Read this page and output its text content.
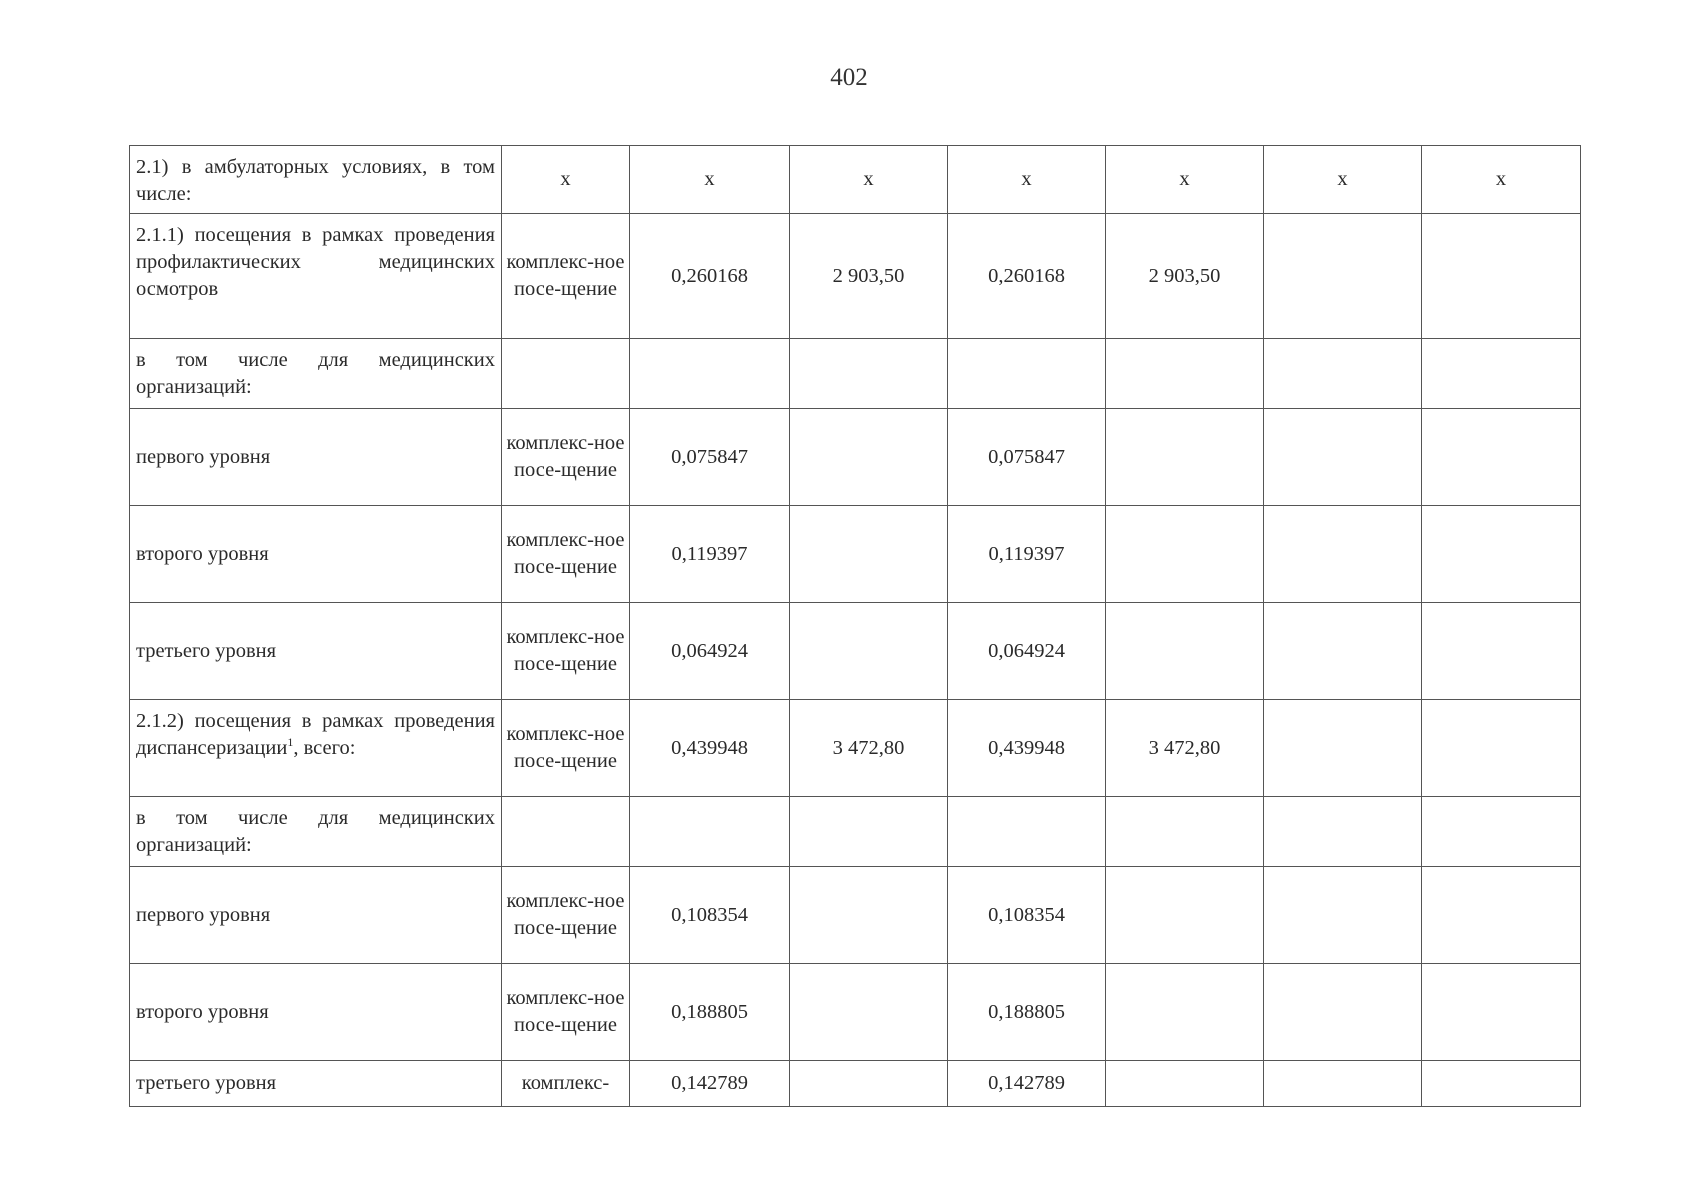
402
2.1) в амбулаторных условиях, в том числе:	х	х	х	х	х	х	х
2.1.1) посещения в рамках проведения профилактических медицинских осмотров	комплекс-ное посе-щение	0,260168	2 903,50	0,260168	2 903,50		
в том числе для медицинских организаций:							
первого уровня	комплекс-ное посе-щение	0,075847		0,075847			
второго уровня	комплекс-ное посе-щение	0,119397		0,119397			
третьего уровня	комплекс-ное посе-щение	0,064924		0,064924			
2.1.2) посещения в рамках проведения диспансеризации$^1$, всего:	комплекс-ное посе-щение	0,439948	3 472,80	0,439948	3 472,80		
в том числе для медицинских организаций:							
первого уровня	комплекс-ное посе-щение	0,108354		0,108354			
второго уровня	комплекс-ное посе-щение	0,188805		0,188805			
третьего уровня	комплекс-	0,142789		0,142789			
